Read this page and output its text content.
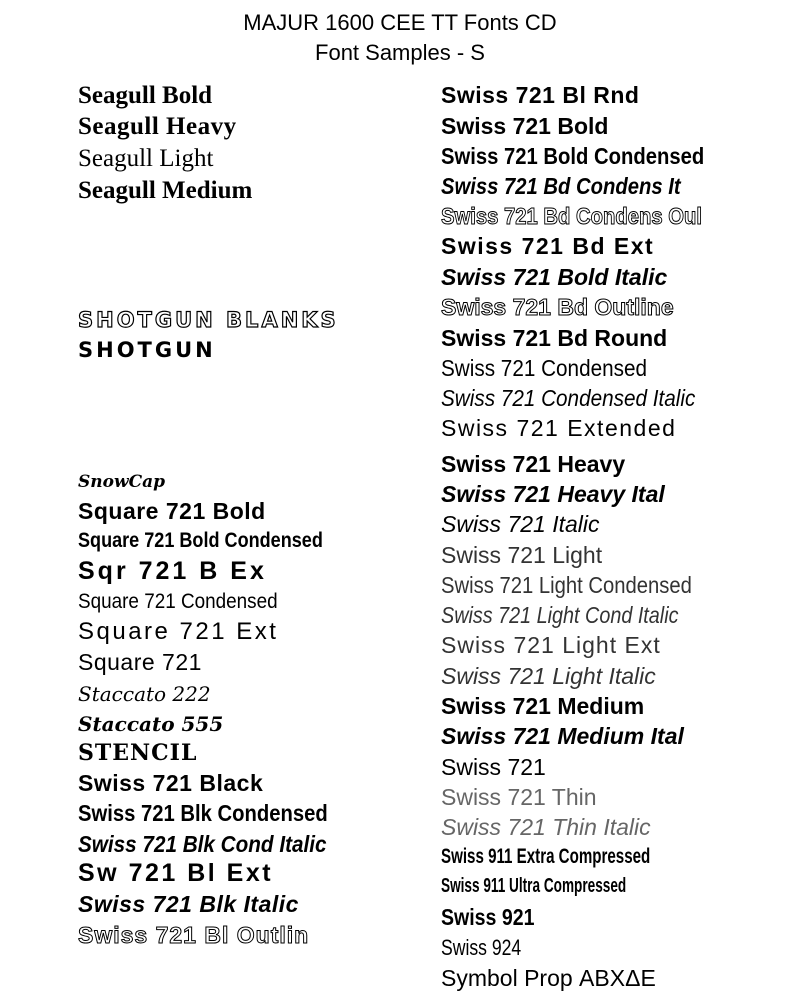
MAJUR 1600 CEE TT Fonts CD
Font Samples - S
Seagull Bold
Seagull Heavy
Seagull Light
Seagull Medium
SHOTGUN BLANKS
SHOTGUN
SnowCap
Square 721 Bold
Square 721 Bold Condensed
Sqr 721 B Ex
Square 721 Condensed
Square 721 Ext
Square 721
Staccato 222
Staccato 555
STENCIL
Swiss 721 Black
Swiss 721 Blk Condensed
Swiss 721 Blk Cond Italic
Sw 721 Bl Ext
Swiss 721 Blk Italic
Swiss 721 Bl Outlin
Swiss 721 Bl Rnd
Swiss 721 Bold
Swiss 721 Bold Condensed
Swiss 721 Bd Condens It
Swiss 721 Bd Condens Oul
Swiss 721 Bd Ext
Swiss 721 Bold Italic
Swiss 721 Bd Outline
Swiss 721 Bd Round
Swiss 721 Condensed
Swiss 721 Condensed Italic
Swiss 721 Extended
Swiss 721 Heavy
Swiss 721 Heavy Ital
Swiss 721 Italic
Swiss 721 Light
Swiss 721 Light Condensed
Swiss 721 Light Cond Italic
Swiss 721 Light Ext
Swiss 721 Light Italic
Swiss 721 Medium
Swiss 721 Medium Ital
Swiss 721
Swiss 721 Thin
Swiss 721 Thin Italic
Swiss 911 Extra Compressed
Swiss 911 Ultra Compressed
Swiss 921
Swiss 924
Symbol Prop ΑΒΧΔΕ
